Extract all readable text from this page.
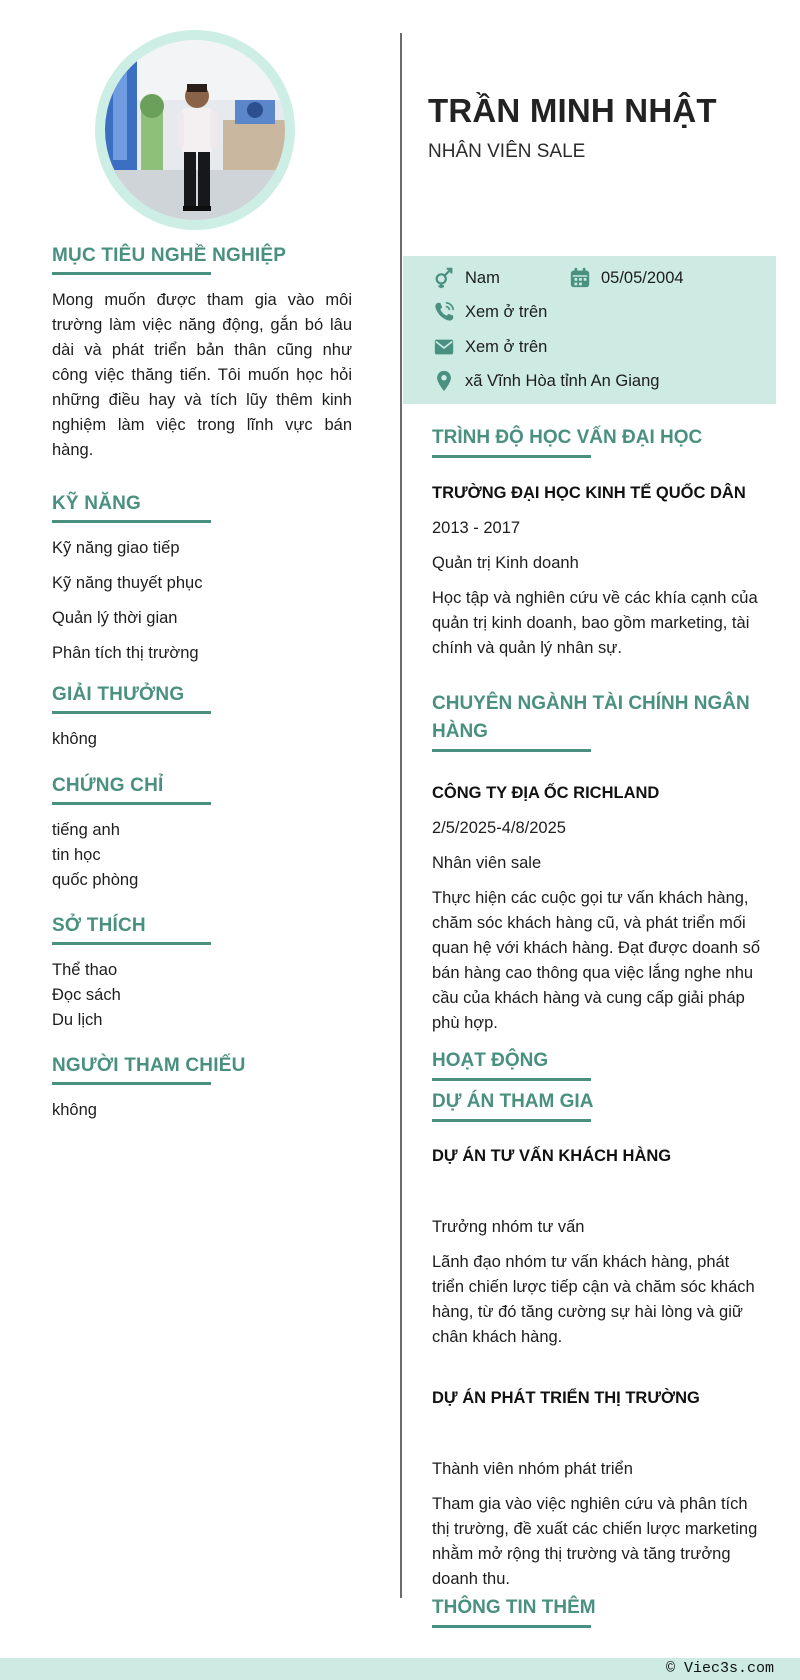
MỤC TIÊU NGHỀ NGHIỆP
Mong muốn được tham gia vào môi trường làm việc năng động, gắn bó lâu dài và phát triển bản thân cũng như công việc thăng tiến. Tôi muốn học hỏi những điều hay và tích lũy thêm kinh nghiệm làm việc trong lĩnh vực bán hàng.
KỸ NĂNG
Kỹ năng giao tiếp
Kỹ năng thuyết phục
Quản lý thời gian
Phân tích thị trường
GIẢI THƯỞNG
không
CHỨNG CHỈ
tiếng anh
tin học
quốc phòng
SỞ THÍCH
Thể thao
Đọc sách
Du lịch
NGƯỜI THAM CHIẾU
không
TRẦN MINH NHẬT
NHÂN VIÊN SALE
Nam	05/05/2004
Xem ở trên
Xem ở trên
xã Vĩnh Hòa tỉnh An Giang
TRÌNH ĐỘ HỌC VẤN ĐẠI HỌC
TRƯỜNG ĐẠI HỌC KINH TẾ QUỐC DÂN
2013 - 2017
Quản trị Kinh doanh
Học tập và nghiên cứu về các khía cạnh của quản trị kinh doanh, bao gồm marketing, tài chính và quản lý nhân sự.
CHUYÊN NGÀNH TÀI CHÍNH NGÂN HÀNG
CÔNG TY ĐỊA ỐC RICHLAND
2/5/2025-4/8/2025
Nhân viên sale
Thực hiện các cuộc gọi tư vấn khách hàng, chăm sóc khách hàng cũ, và phát triển mối quan hệ với khách hàng. Đạt được doanh số bán hàng cao thông qua việc lắng nghe nhu cầu của khách hàng và cung cấp giải pháp phù hợp.
HOẠT ĐỘNG
DỰ ÁN THAM GIA
DỰ ÁN TƯ VẤN KHÁCH HÀNG
Trưởng nhóm tư vấn
Lãnh đạo nhóm tư vấn khách hàng, phát triển chiến lược tiếp cận và chăm sóc khách hàng, từ đó tăng cường sự hài lòng và giữ chân khách hàng.
DỰ ÁN PHÁT TRIỂN THỊ TRƯỜNG
Thành viên nhóm phát triển
Tham gia vào việc nghiên cứu và phân tích thị trường, đề xuất các chiến lược marketing nhằm mở rộng thị trường và tăng trưởng doanh thu.
THÔNG TIN THÊM
© Viec3s.com
